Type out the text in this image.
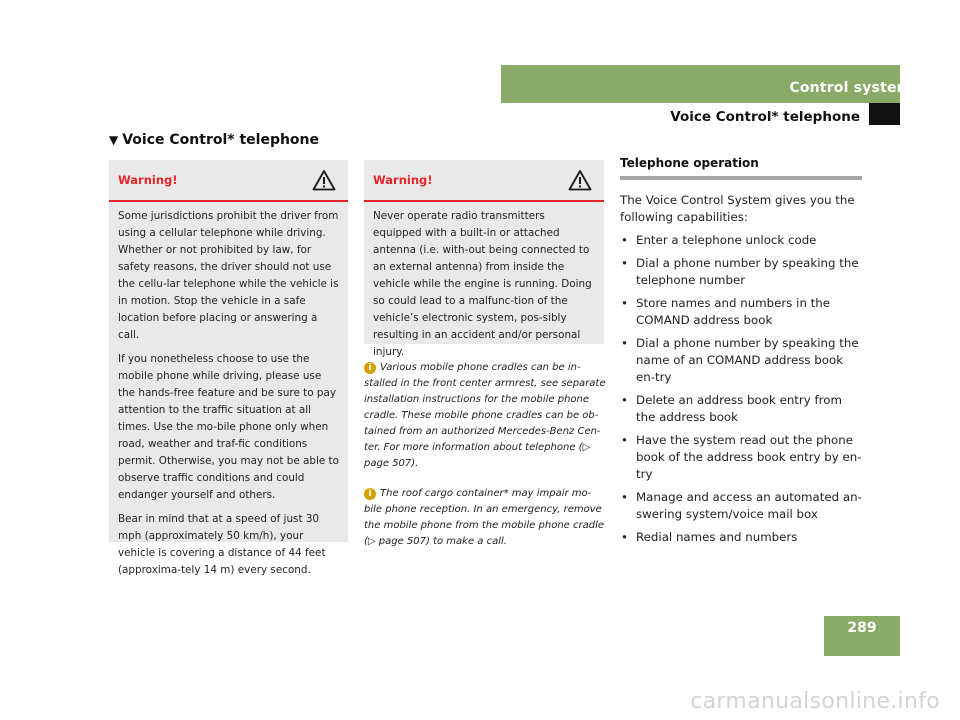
Control systems
Voice Control* telephone
▼ Voice Control* telephone
Warning!

Some jurisdictions prohibit the driver from using a cellular telephone while driving. Whether or not prohibited by law, for safety reasons, the driver should not use the cellu-lar telephone while the vehicle is in motion. Stop the vehicle in a safe location before placing or answering a call.

If you nonetheless choose to use the mobile phone while driving, please use the hands-free feature and be sure to pay attention to the traffic situation at all times. Use the mo-bile phone only when road, weather and traf-fic conditions permit. Otherwise, you may not be able to observe traffic conditions and could endanger yourself and others.

Bear in mind that at a speed of just 30 mph (approximately 50 km/h), your vehicle is covering a distance of 44 feet (approxima-tely 14 m) every second.

Warning!

Never operate radio transmitters equipped with a built-in or attached antenna (i.e. with-out being connected to an external antenna) from inside the vehicle while the engine is running. Doing so could lead to a malfunc-tion of the vehicle’s electronic system, pos-sibly resulting in an accident and/or personal injury.

i Various mobile phone cradles can be in-stalled in the front center armrest, see separate installation instructions for the mobile phone cradle. These mobile phone cradles can be ob-tained from an authorized Mercedes-Benz Cen-ter. For more information about telephone (▷ page 507).

i The roof cargo container* may impair mo-bile phone reception. In an emergency, remove the mobile phone from the mobile phone cradle (▷ page 507) to make a call.

Telephone operation

The Voice Control System gives you the following capabilities:

• Enter a telephone unlock code
• Dial a phone number by speaking the telephone number
• Store names and numbers in the COMAND address book
• Dial a phone number by speaking the name of an COMAND address book en-try
• Delete an address book entry from the address book
• Have the system read out the phone book of the address book entry by en-try
• Manage and access an automated an-swering system/voice mail box
• Redial names and numbers
289
carmanualsonline.info
